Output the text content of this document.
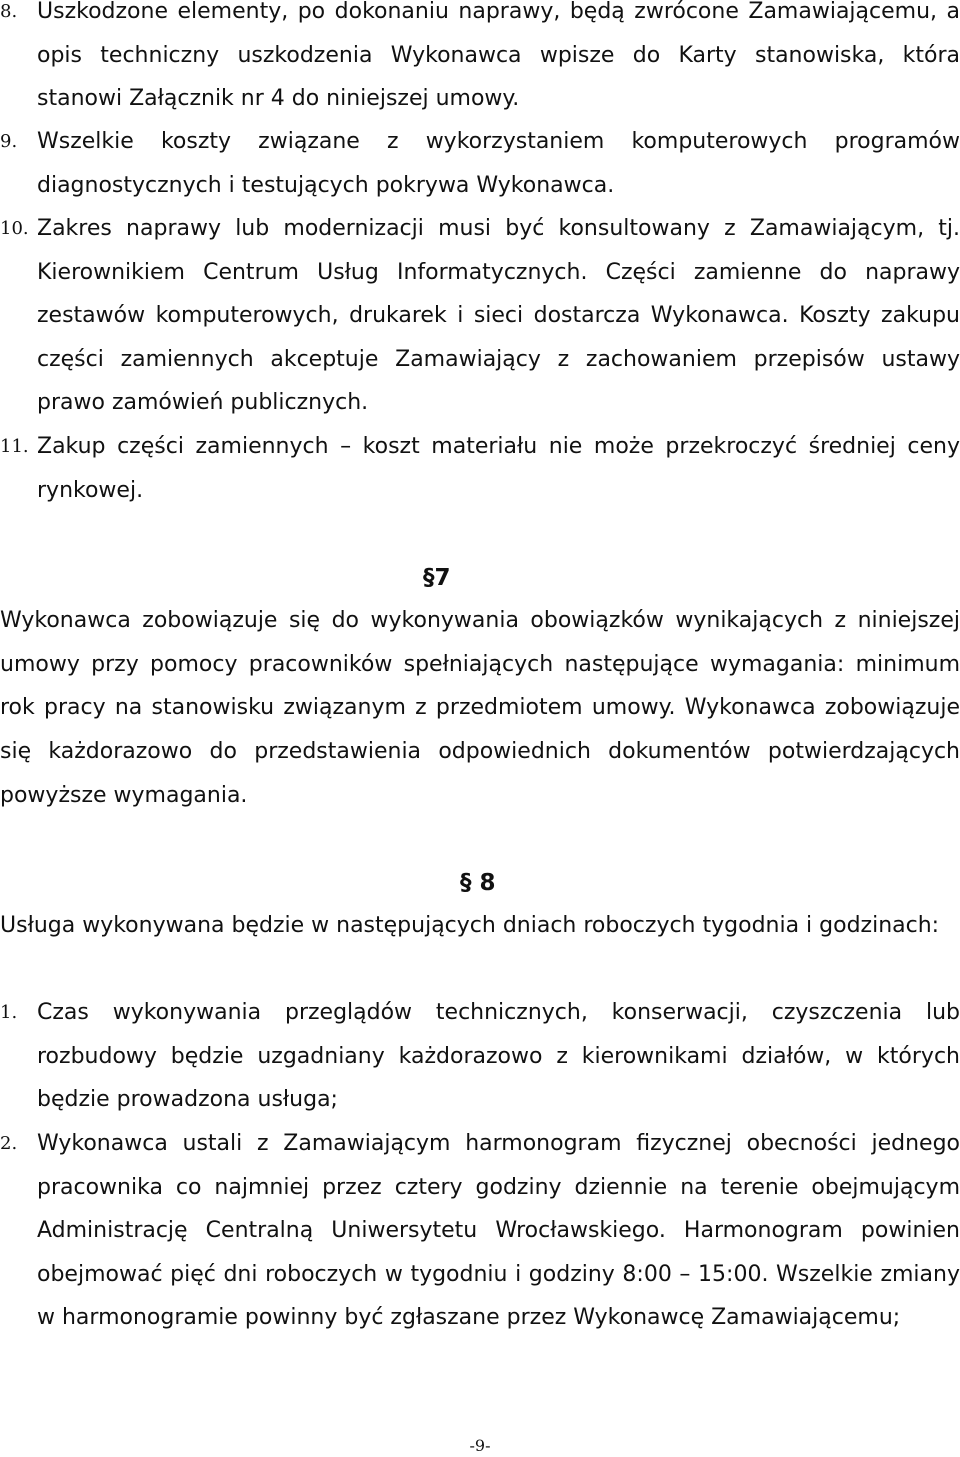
8. Uszkodzone elementy, po dokonaniu naprawy, będą zwrócone Zamawiającemu, a opis techniczny uszkodzenia Wykonawca wpisze do Karty stanowiska, która stanowi Załącznik nr 4 do niniejszej umowy.
9. Wszelkie koszty związane z wykorzystaniem komputerowych programów diagnostycznych i testujących pokrywa Wykonawca.
10. Zakres naprawy lub modernizacji musi być konsultowany z Zamawiającym, tj. Kierownikiem Centrum Usług Informatycznych. Części zamienne do naprawy zestawów komputerowych, drukarek i sieci dostarcza Wykonawca. Koszty zakupu części zamiennych akceptuje Zamawiający z zachowaniem przepisów ustawy prawo zamówień publicznych.
11. Zakup części zamiennych – koszt materiału nie może przekroczyć średniej ceny rynkowej.
§7
Wykonawca zobowiązuje się do wykonywania obowiązków wynikających z niniejszej umowy przy pomocy pracowników spełniających następujące wymagania: minimum rok pracy na stanowisku związanym z przedmiotem umowy. Wykonawca zobowiązuje się każdorazowo do przedstawienia odpowiednich dokumentów potwierdzających powyższe wymagania.
§ 8
Usługa wykonywana będzie w następujących dniach roboczych tygodnia i godzinach:
1. Czas wykonywania przeglądów technicznych, konserwacji, czyszczenia lub rozbudowy będzie uzgadniany każdorazowo z kierownikami działów, w których będzie prowadzona usługa;
2. Wykonawca ustali z Zamawiającym harmonogram fizycznej obecności jednego pracownika co najmniej przez cztery godziny dziennie na terenie obejmującym Administrację Centralną Uniwersytetu Wrocławskiego. Harmonogram powinien obejmować pięć dni roboczych w tygodniu i godziny 8:00 – 15:00. Wszelkie zmiany w harmonogramie powinny być zgłaszane przez Wykonawcę Zamawiającemu;
-9-
